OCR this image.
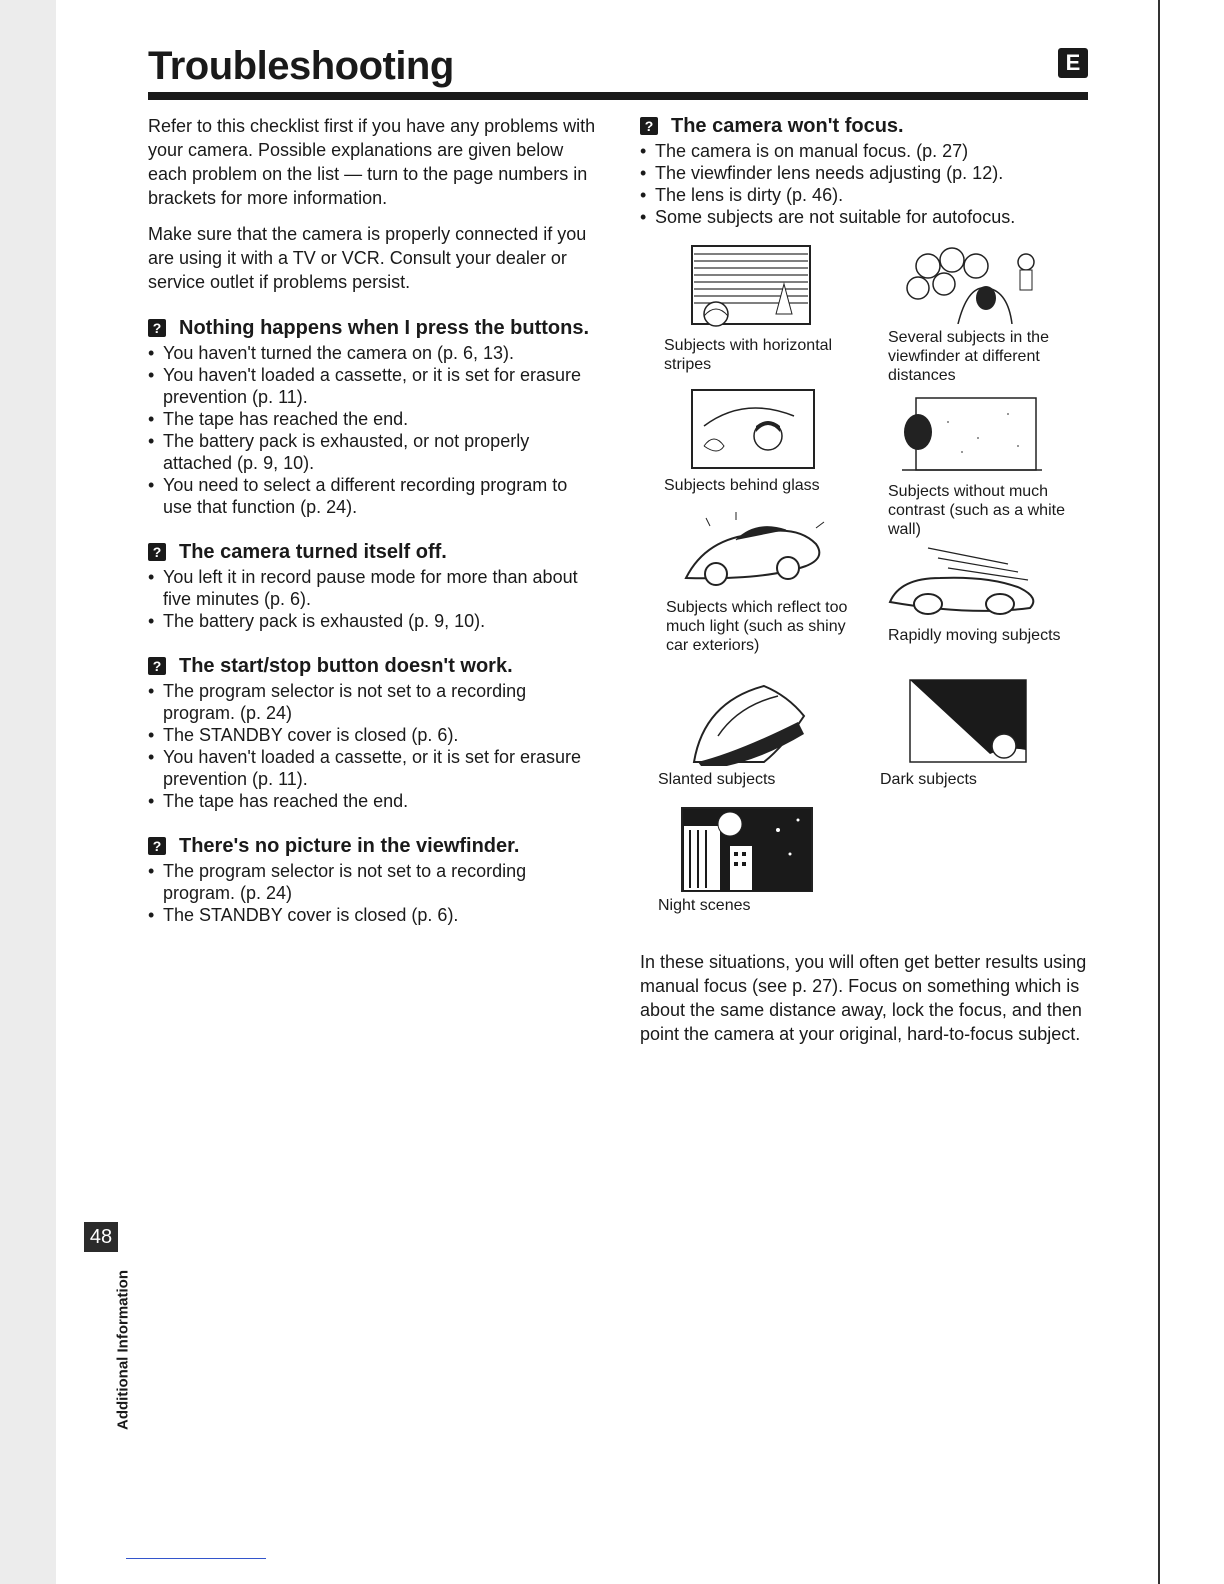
Troubleshooting	E

Refer to this checklist first if you have any problems with your camera. Possible explanations are given below each problem on the list — turn to the page numbers in brackets for more information.

Make sure that the camera is properly connected if you are using it with a TV or VCR. Consult your dealer or service outlet if problems persist.

? Nothing happens when I press the buttons.
• You haven't turned the camera on (p. 6, 13).
• You haven't loaded a cassette, or it is set for erasure prevention (p. 11).
• The tape has reached the end.
• The battery pack is exhausted, or not properly attached (p. 9, 10).
• You need to select a different recording program to use that function (p. 24).
? The camera turned itself off.
• You left it in record pause mode for more than about five minutes (p. 6).
• The battery pack is exhausted (p. 9, 10).
? The start/stop button doesn't work.
• The program selector is not set to a recording program. (p. 24)
• The STANDBY cover is closed (p. 6).
• You haven't loaded a cassette, or it is set for erasure prevention (p. 11).
• The tape has reached the end.
? There's no picture in the viewfinder.
• The program selector is not set to a recording program. (p. 24)
• The STANDBY cover is closed (p. 6).
? The camera won't focus.
• The camera is on manual focus. (p. 27)
• The viewfinder lens needs adjusting (p. 12).
• The lens is dirty (p. 46).
• Some subjects are not suitable for autofocus.
Subjects with horizontal stripes
Several subjects in the viewfinder at different distances
Subjects behind glass	Subjects without much contrast (such as a white wall)
Subjects which reflect too much light (such as shiny car exteriors)
Rapidly moving subjects
Slanted subjects	Dark subjects
Night scenes

In these situations, you will often get better results using manual focus (see p. 27). Focus on something which is about the same distance away, lock the focus, and then point the camera at your original, hard-to-focus subject.

48
Additional Information
